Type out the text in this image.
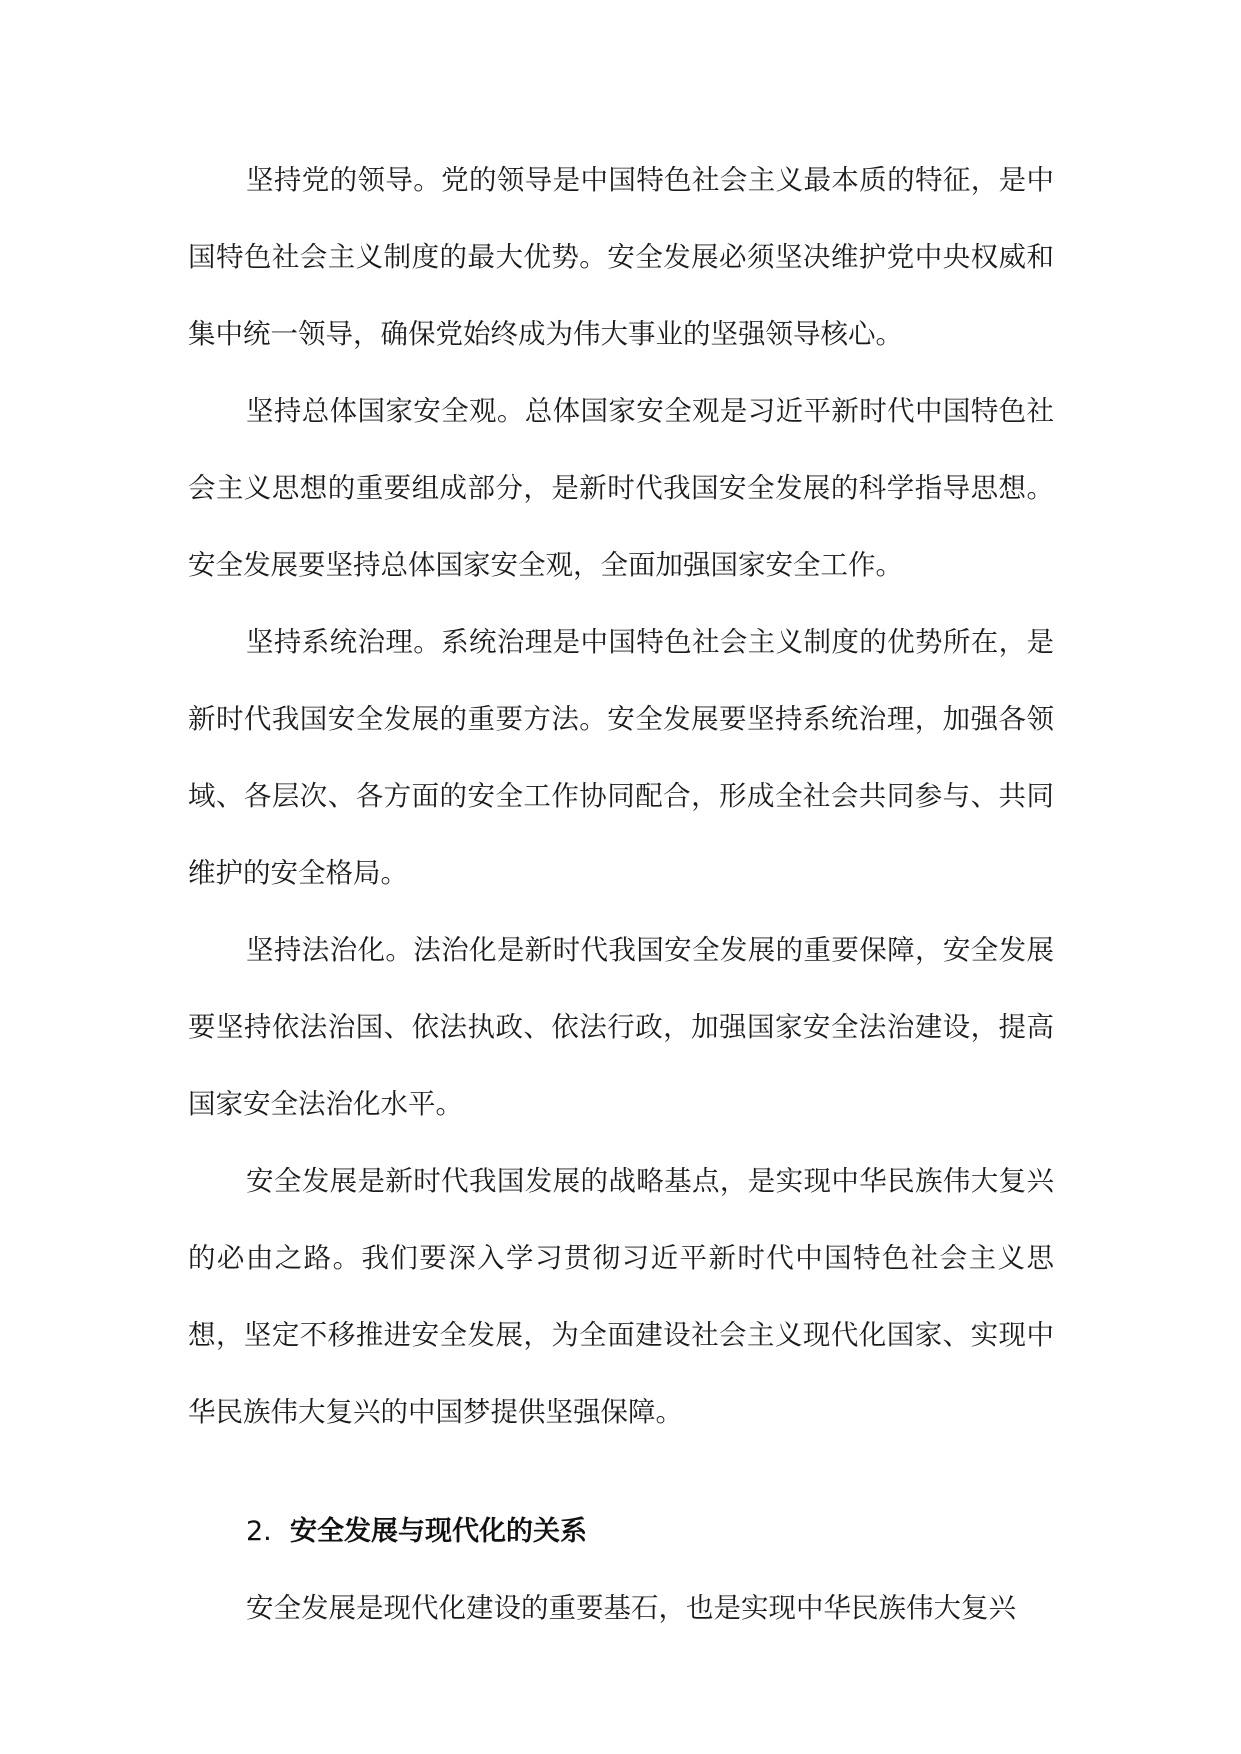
坚持党的领导。党的领导是中国特色社会主义最本质的特征，是中国特色社会主义制度的最大优势。安全发展必须坚决维护党中央权威和集中统一领导，确保党始终成为伟大事业的坚强领导核心。

坚持总体国家安全观。总体国家安全观是习近平新时代中国特色社会主义思想的重要组成部分，是新时代我国安全发展的科学指导思想。安全发展要坚持总体国家安全观，全面加强国家安全工作。

坚持系统治理。系统治理是中国特色社会主义制度的优势所在，是新时代我国安全发展的重要方法。安全发展要坚持系统治理，加强各领域、各层次、各方面的安全工作协同配合，形成全社会共同参与、共同维护的安全格局。

坚持法治化。法治化是新时代我国安全发展的重要保障，安全发展要坚持依法治国、依法执政、依法行政，加强国家安全法治建设，提高国家安全法治化水平。

安全发展是新时代我国发展的战略基点，是实现中华民族伟大复兴的必由之路。我们要深入学习贯彻习近平新时代中国特色社会主义思想，坚定不移推进安全发展，为全面建设社会主义现代化国家、实现中华民族伟大复兴的中国梦提供坚强保障。

2. 安全发展与现代化的关系

安全发展是现代化建设的重要基石，也是实现中华民族伟大复兴
